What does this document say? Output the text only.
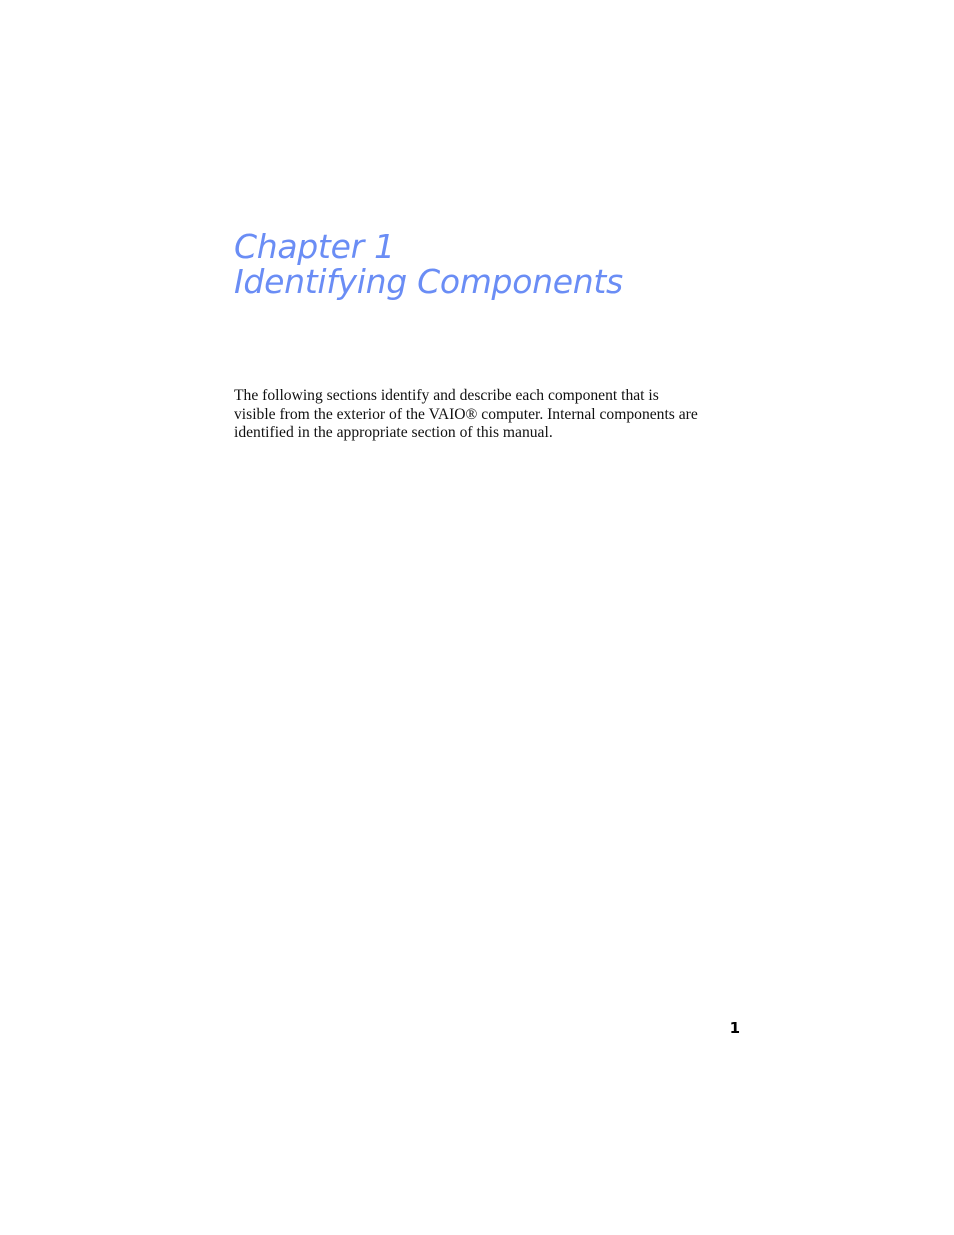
Chapter 1
Identifying Components

The following sections identify and describe each component that is
visible from the exterior of the VAIO® computer. Internal components are
identified in the appropriate section of this manual.

1
